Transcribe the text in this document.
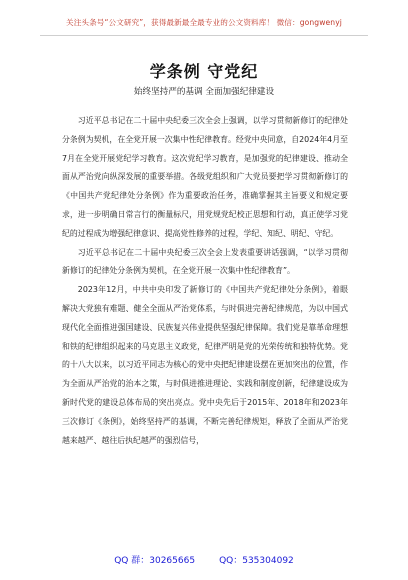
关注头条号“公文研究”，获得最新最全最专业的公文资料库！ 微信：gongwenyj
学条例 守党纪
始终坚持严的基调 全面加强纪律建设

习近平总书记在二十届中央纪委三次全会上强调，以学习贯彻新修订的纪律处分条例为契机，在全党开展一次集中性纪律教育。经党中央同意，自2024年4月至7月在全党开展党纪学习教育。这次党纪学习教育，是加强党的纪律建设、推动全面从严治党向纵深发展的重要举措。各级党组织和广大党员要把学习贯彻新修订的《中国共产党纪律处分条例》作为重要政治任务，准确掌握其主旨要义和规定要求，进一步明确日常言行的衡量标尺，用党规党纪校正思想和行动，真正使学习党纪的过程成为增强纪律意识、提高党性修养的过程，学纪、知纪、明纪、守纪。

习近平总书记在二十届中央纪委三次全会上发表重要讲话强调，“以学习贯彻新修订的纪律处分条例为契机，在全党开展一次集中性纪律教育”。

2023年12月，中共中央印发了新修订的《中国共产党纪律处分条例》，着眼解决大党独有难题、健全全面从严治党体系，与时俱进完善纪律规范，为以中国式现代化全面推进强国建设、民族复兴伟业提供坚强纪律保障。我们党是靠革命理想和铁的纪律组织起来的马克思主义政党，纪律严明是党的光荣传统和独特优势。党的十八大以来，以习近平同志为核心的党中央把纪律建设摆在更加突出的位置，作为全面从严治党的治本之策，与时俱进推进理论、实践和制度创新，纪律建设成为新时代党的建设总体布局的突出亮点。党中央先后于2015年、2018年和2023年三次修订《条例》，始终坚持严的基调，不断完善纪律规矩，释放了全面从严治党越来越严、越往后执纪越严的强烈信号，

QQ 群：30265665	QQ：535304092
